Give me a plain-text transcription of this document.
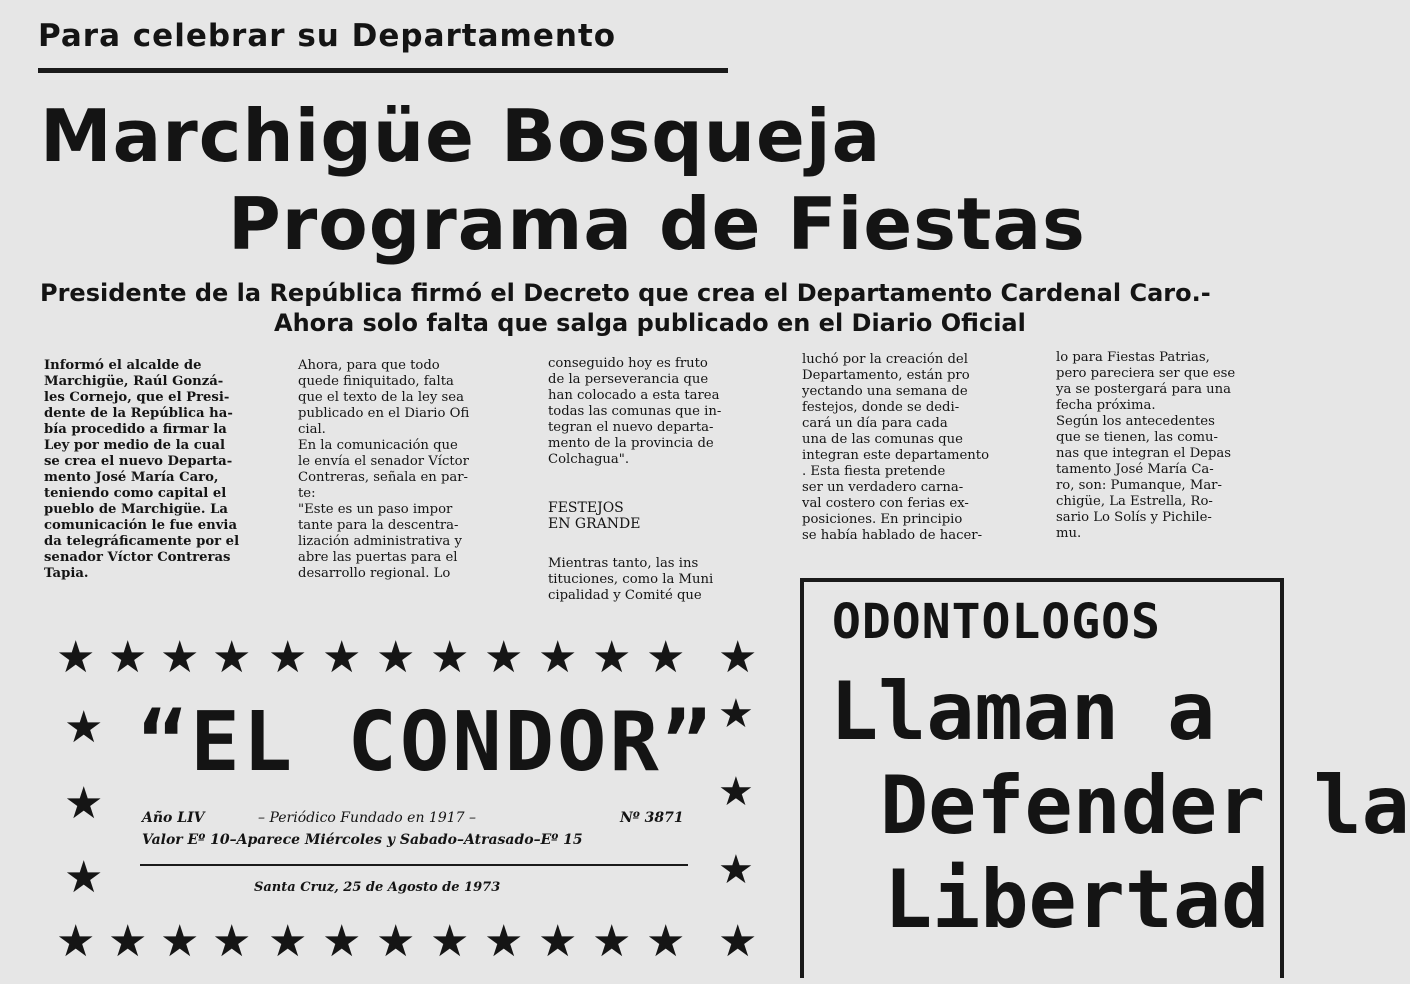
Para celebrar su Departamento
Marchigüe Bosqueja
Programa de Fiestas
Presidente de la República firmó el Decreto que crea el Departamento Cardenal Caro.-
Ahora solo falta que salga publicado en el Diario Oficial
Informó el alcalde de
Marchigüe, Raúl Gonzá-
les Cornejo, que el Presi-
dente de la República ha-
bía procedido a firmar la
Ley por medio de la cual
se crea el nuevo Departa-
mento José María Caro,
teniendo como capital el
pueblo de Marchigüe. La
comunicación le fue envia
da telegráficamente por el
senador Víctor Contreras
Tapia.
Ahora, para que todo
quede finiquitado, falta
que el texto de la ley sea
publicado en el Diario Ofi
cial.
En la comunicación que
le envía el senador Víctor
Contreras, señala en par-
te:
"Este es un paso impor
tante para la descentra-
lización administrativa y
abre las puertas para el
desarrollo regional. Lo
conseguido hoy es fruto
de la perseverancia que
han colocado a esta tarea
todas las comunas que in-
tegran el nuevo departa-
mento de la provincia de
Colchagua".
FESTEJOS
EN GRANDE
Mientras tanto, las ins
tituciones, como la Muni
cipalidad y Comité que
luchó por la creación del
Departamento, están pro
yectando una semana de
festejos, donde se dedi-
cará un día para cada
una de las comunas que
integran este departamento
. Esta fiesta pretende
ser un verdadero carna-
val costero con ferias ex-
posiciones. En principio
se había hablado de hacer-
lo para Fiestas Patrias,
pero pareciera ser que ese
ya se postergará para una
fecha próxima.
Según los antecedentes
que se tienen, las comu-
nas que integran el Depas
tamento José María Ca-
ro, son: Pumanque, Mar-
chigüe, La Estrella, Ro-
sario Lo Solís y Pichile-
mu.
★ ★ ★ ★ ★ ★ ★ ★ ★ ★ ★ ★ ★
★
★
★
★
★
★
★ ★ ★ ★ ★ ★ ★ ★ ★ ★ ★ ★ ★
“EL CONDOR”
Año LIV	– Periódico Fundado en 1917 –	Nº 3871
Valor Eº 10–Aparece Miércoles y Sabado–Atrasado–Eº 15
Santa Cruz, 25 de Agosto de 1973
ODONTOLOGOS
Llaman a
Defender la
Libertad
